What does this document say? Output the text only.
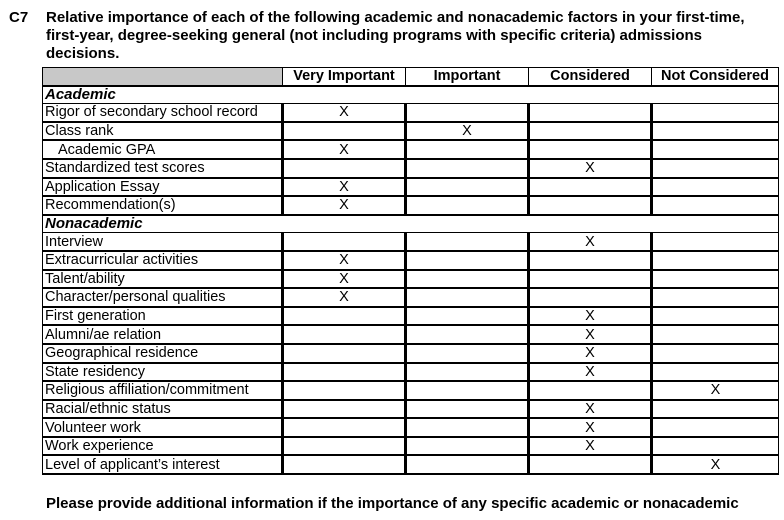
C7 Relative importance of each of the following academic and nonacademic factors in your first-time, first-year, degree-seeking general (not including programs with specific criteria) admissions decisions.
	Very Important	Important	Considered	Not Considered
Academic				
Rigor of secondary school record	X			
Class rank		X		
Academic GPA	X			
Standardized test scores			X	
Application Essay	X			
Recommendation(s)	X			
Nonacademic				
Interview			X	
Extracurricular activities	X			
Talent/ability	X			
Character/personal qualities	X			
First generation			X	
Alumni/ae relation			X	
Geographical residence			X	
State residency			X	
Religious affiliation/commitment				X
Racial/ethnic status			X	
Volunteer work			X	
Work experience			X	
Level of applicant’s interest				X
Please provide additional information if the importance of any specific academic or nonacademic
